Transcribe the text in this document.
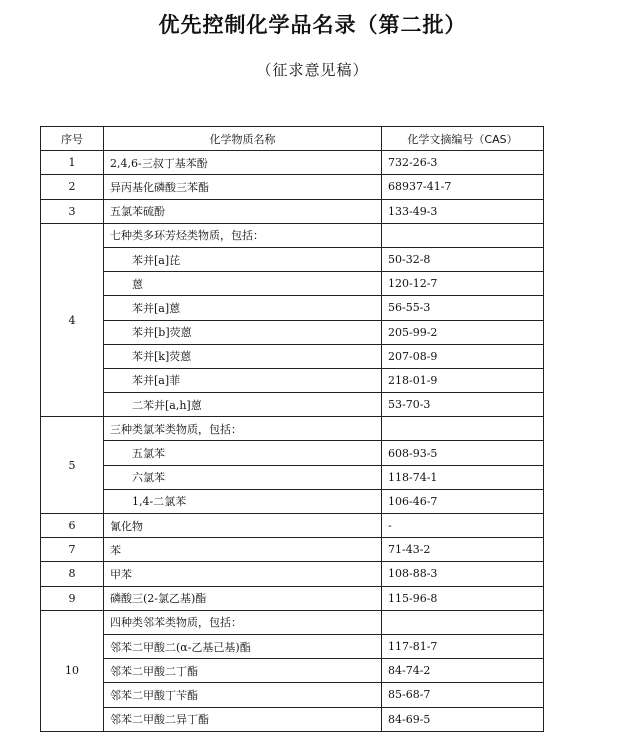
优先控制化学品名录（第二批）
（征求意见稿）
序号	化学物质名称	化学文摘编号（CAS）
1	2,4,6-三叔丁基苯酚	732-26-3
2	异丙基化磷酸三苯酯	68937-41-7
3	五氯苯硫酚	133-49-3
4	七种类多环芳烃类物质，包括：	
	苯并[a]芘	50-32-8
	蒽	120-12-7
	苯并[a]蒽	56-55-3
	苯并[b]荧蒽	205-99-2
	苯并[k]荧蒽	207-08-9
	苯并[a]菲	218-01-9
	二苯并[a,h]蒽	53-70-3
5	三种类氯苯类物质，包括：	
	五氯苯	608-93-5
	六氯苯	118-74-1
	1,4-二氯苯	106-46-7
6	氰化物	-
7	苯	71-43-2
8	甲苯	108-88-3
9	磷酸三(2-氯乙基)酯	115-96-8
10	四种类邻苯类物质，包括：	
	邻苯二甲酸二(α-乙基己基)酯	117-81-7
	邻苯二甲酸二丁酯	84-74-2
	邻苯二甲酸丁苄酯	85-68-7
	邻苯二甲酸二异丁酯	84-69-5
